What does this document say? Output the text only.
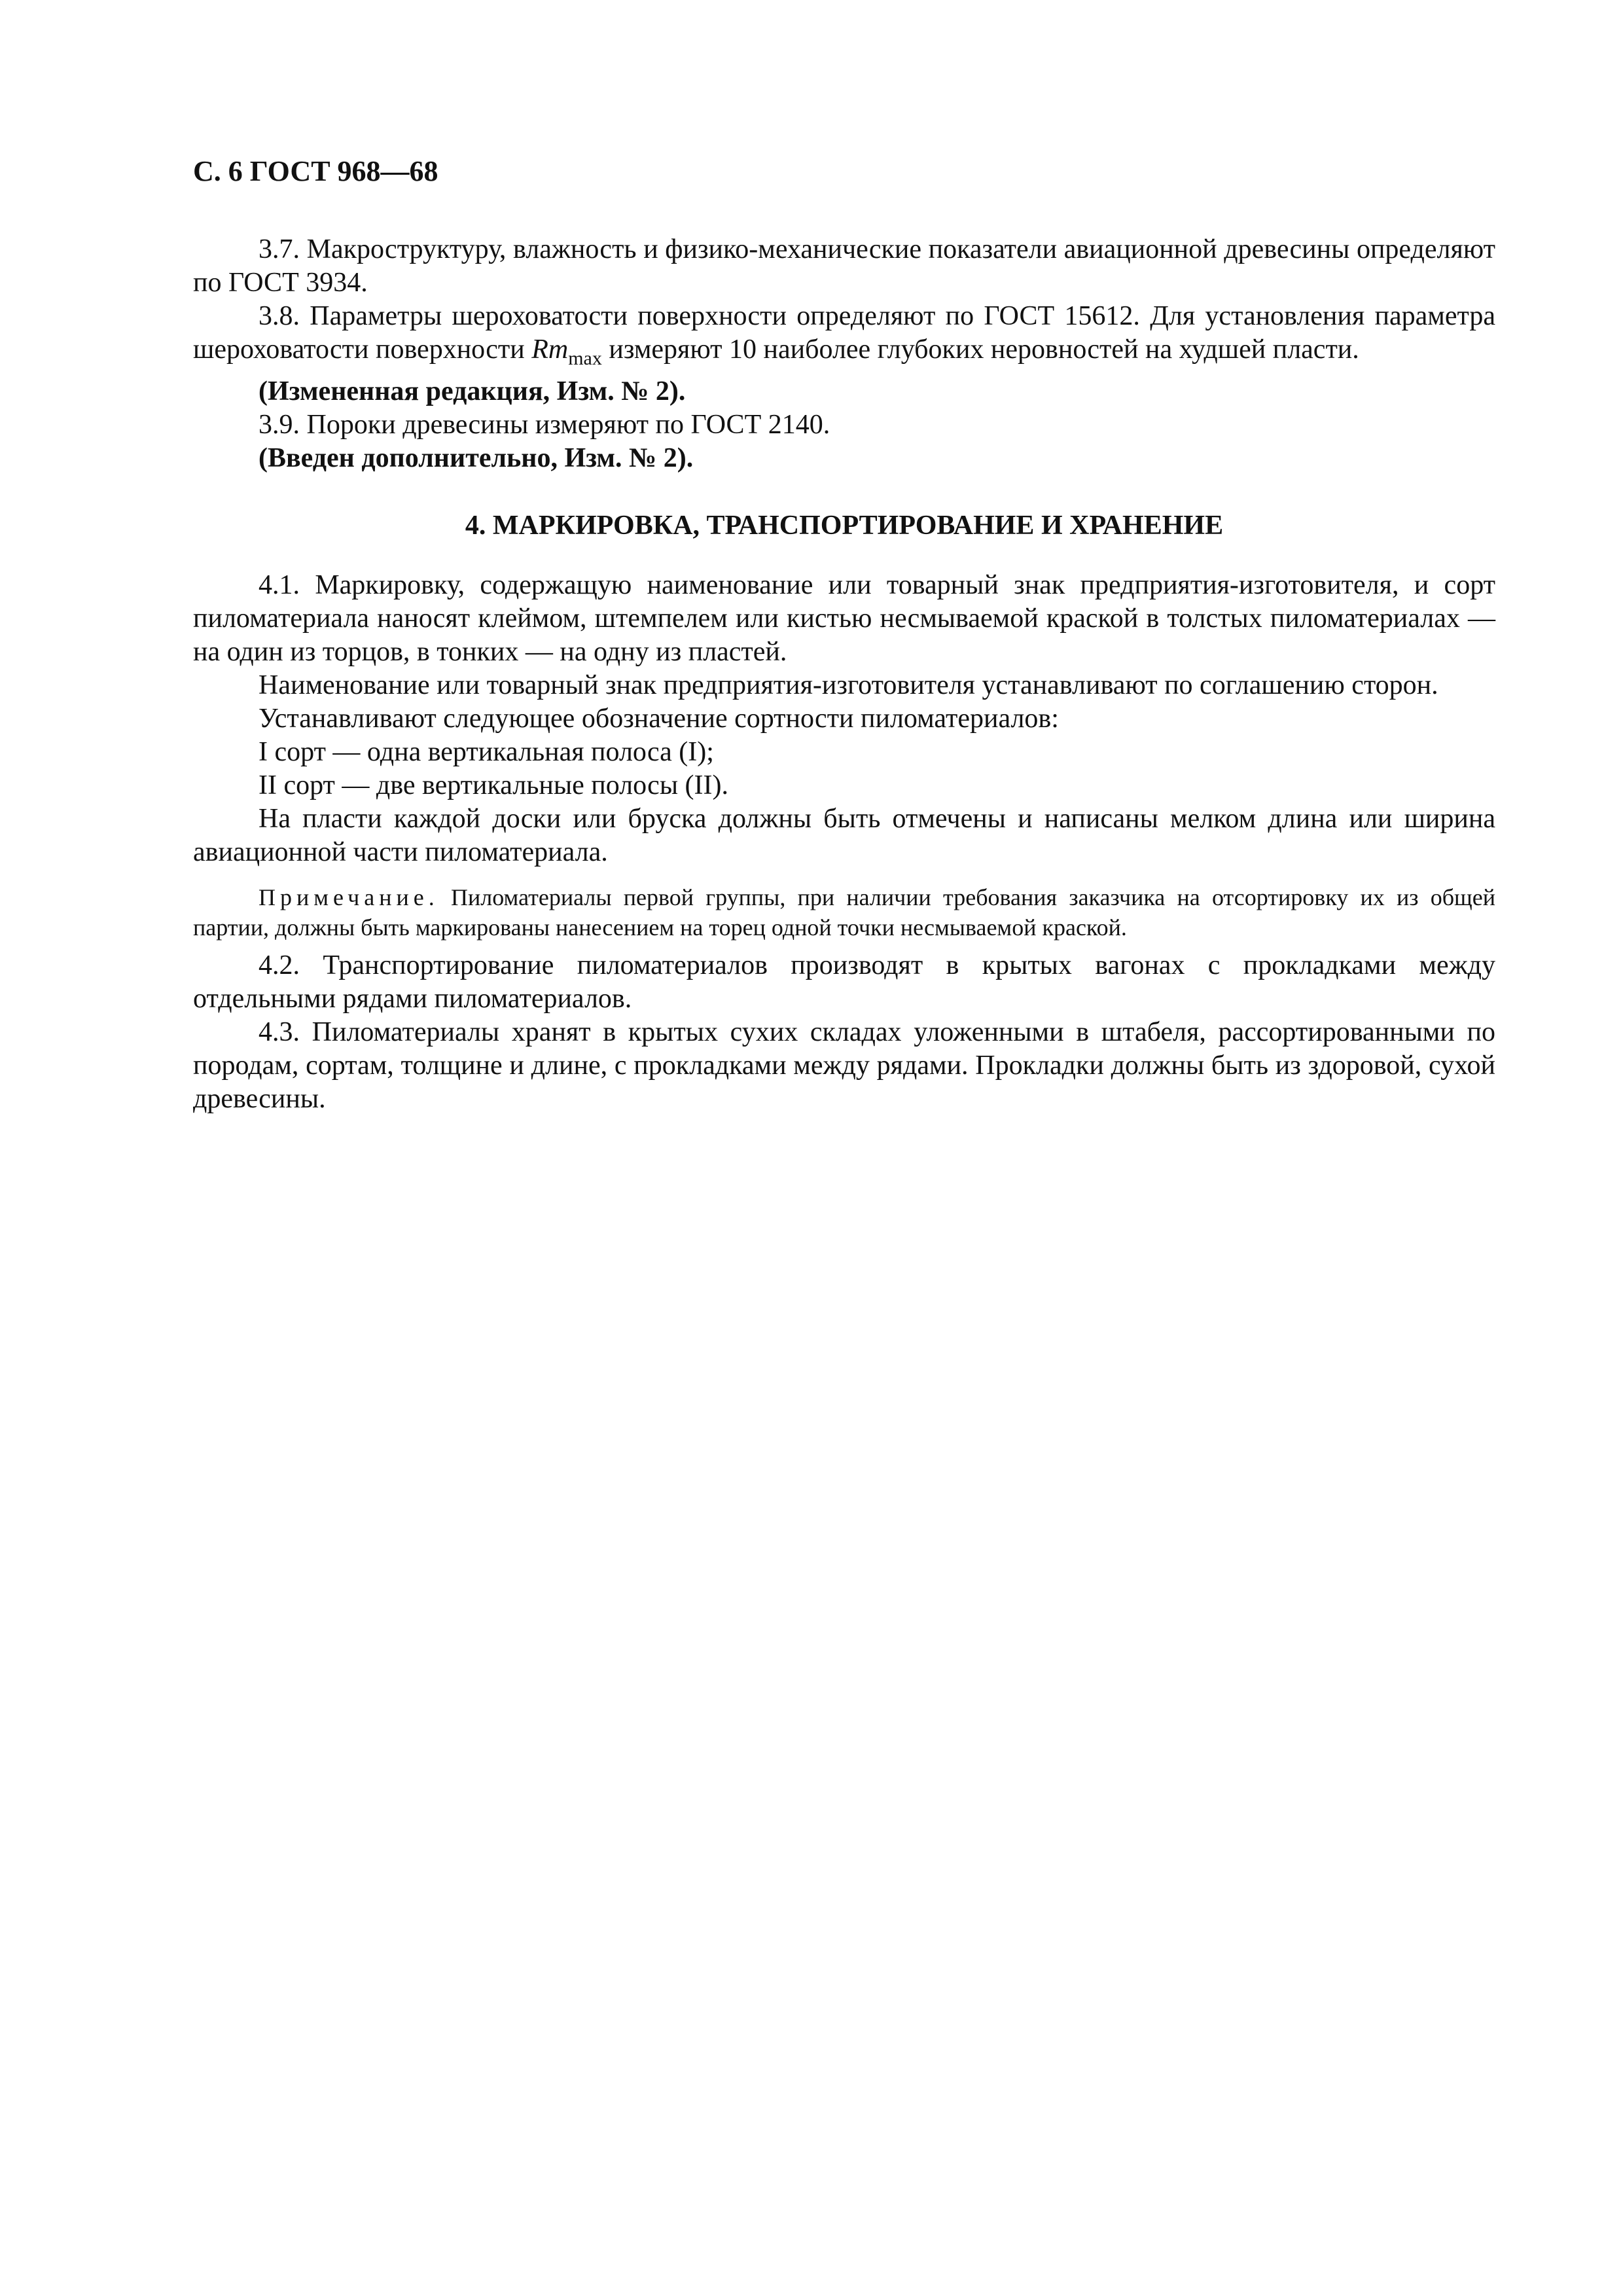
С. 6 ГОСТ 968—68

3.7. Макроструктуру, влажность и физико-механические показатели авиационной древесины определяют по ГОСТ 3934.

3.8. Параметры шероховатости поверхности определяют по ГОСТ 15612. Для установления параметра шероховатости поверхности $Rm_{max}$ измеряют 10 наиболее глубоких неровностей на худшей пласти.

(Измененная редакция, Изм. № 2).

3.9. Пороки древесины измеряют по ГОСТ 2140.

(Введен дополнительно, Изм. № 2).

4. МАРКИРОВКА, ТРАНСПОРТИРОВАНИЕ И ХРАНЕНИЕ

4.1. Маркировку, содержащую наименование или товарный знак предприятия-изготовителя, и сорт пиломатериала наносят клеймом, штемпелем или кистью несмываемой краской в толстых пиломатериалах — на один из торцов, в тонких — на одну из пластей.

Наименование или товарный знак предприятия-изготовителя устанавливают по соглашению сторон.

Устанавливают следующее обозначение сортности пиломатериалов:

I сорт — одна вертикальная полоса (I);

II сорт — две вертикальные полосы (II).

На пласти каждой доски или бруска должны быть отмечены и написаны мелком длина или ширина авиационной части пиломатериала.

Примечание. Пиломатериалы первой группы, при наличии требования заказчика на отсортировку их из общей партии, должны быть маркированы нанесением на торец одной точки несмываемой краской.

4.2. Транспортирование пиломатериалов производят в крытых вагонах с прокладками между отдельными рядами пиломатериалов.

4.3. Пиломатериалы хранят в крытых сухих складах уложенными в штабеля, рассортированными по породам, сортам, толщине и длине, с прокладками между рядами. Прокладки должны быть из здоровой, сухой древесины.
